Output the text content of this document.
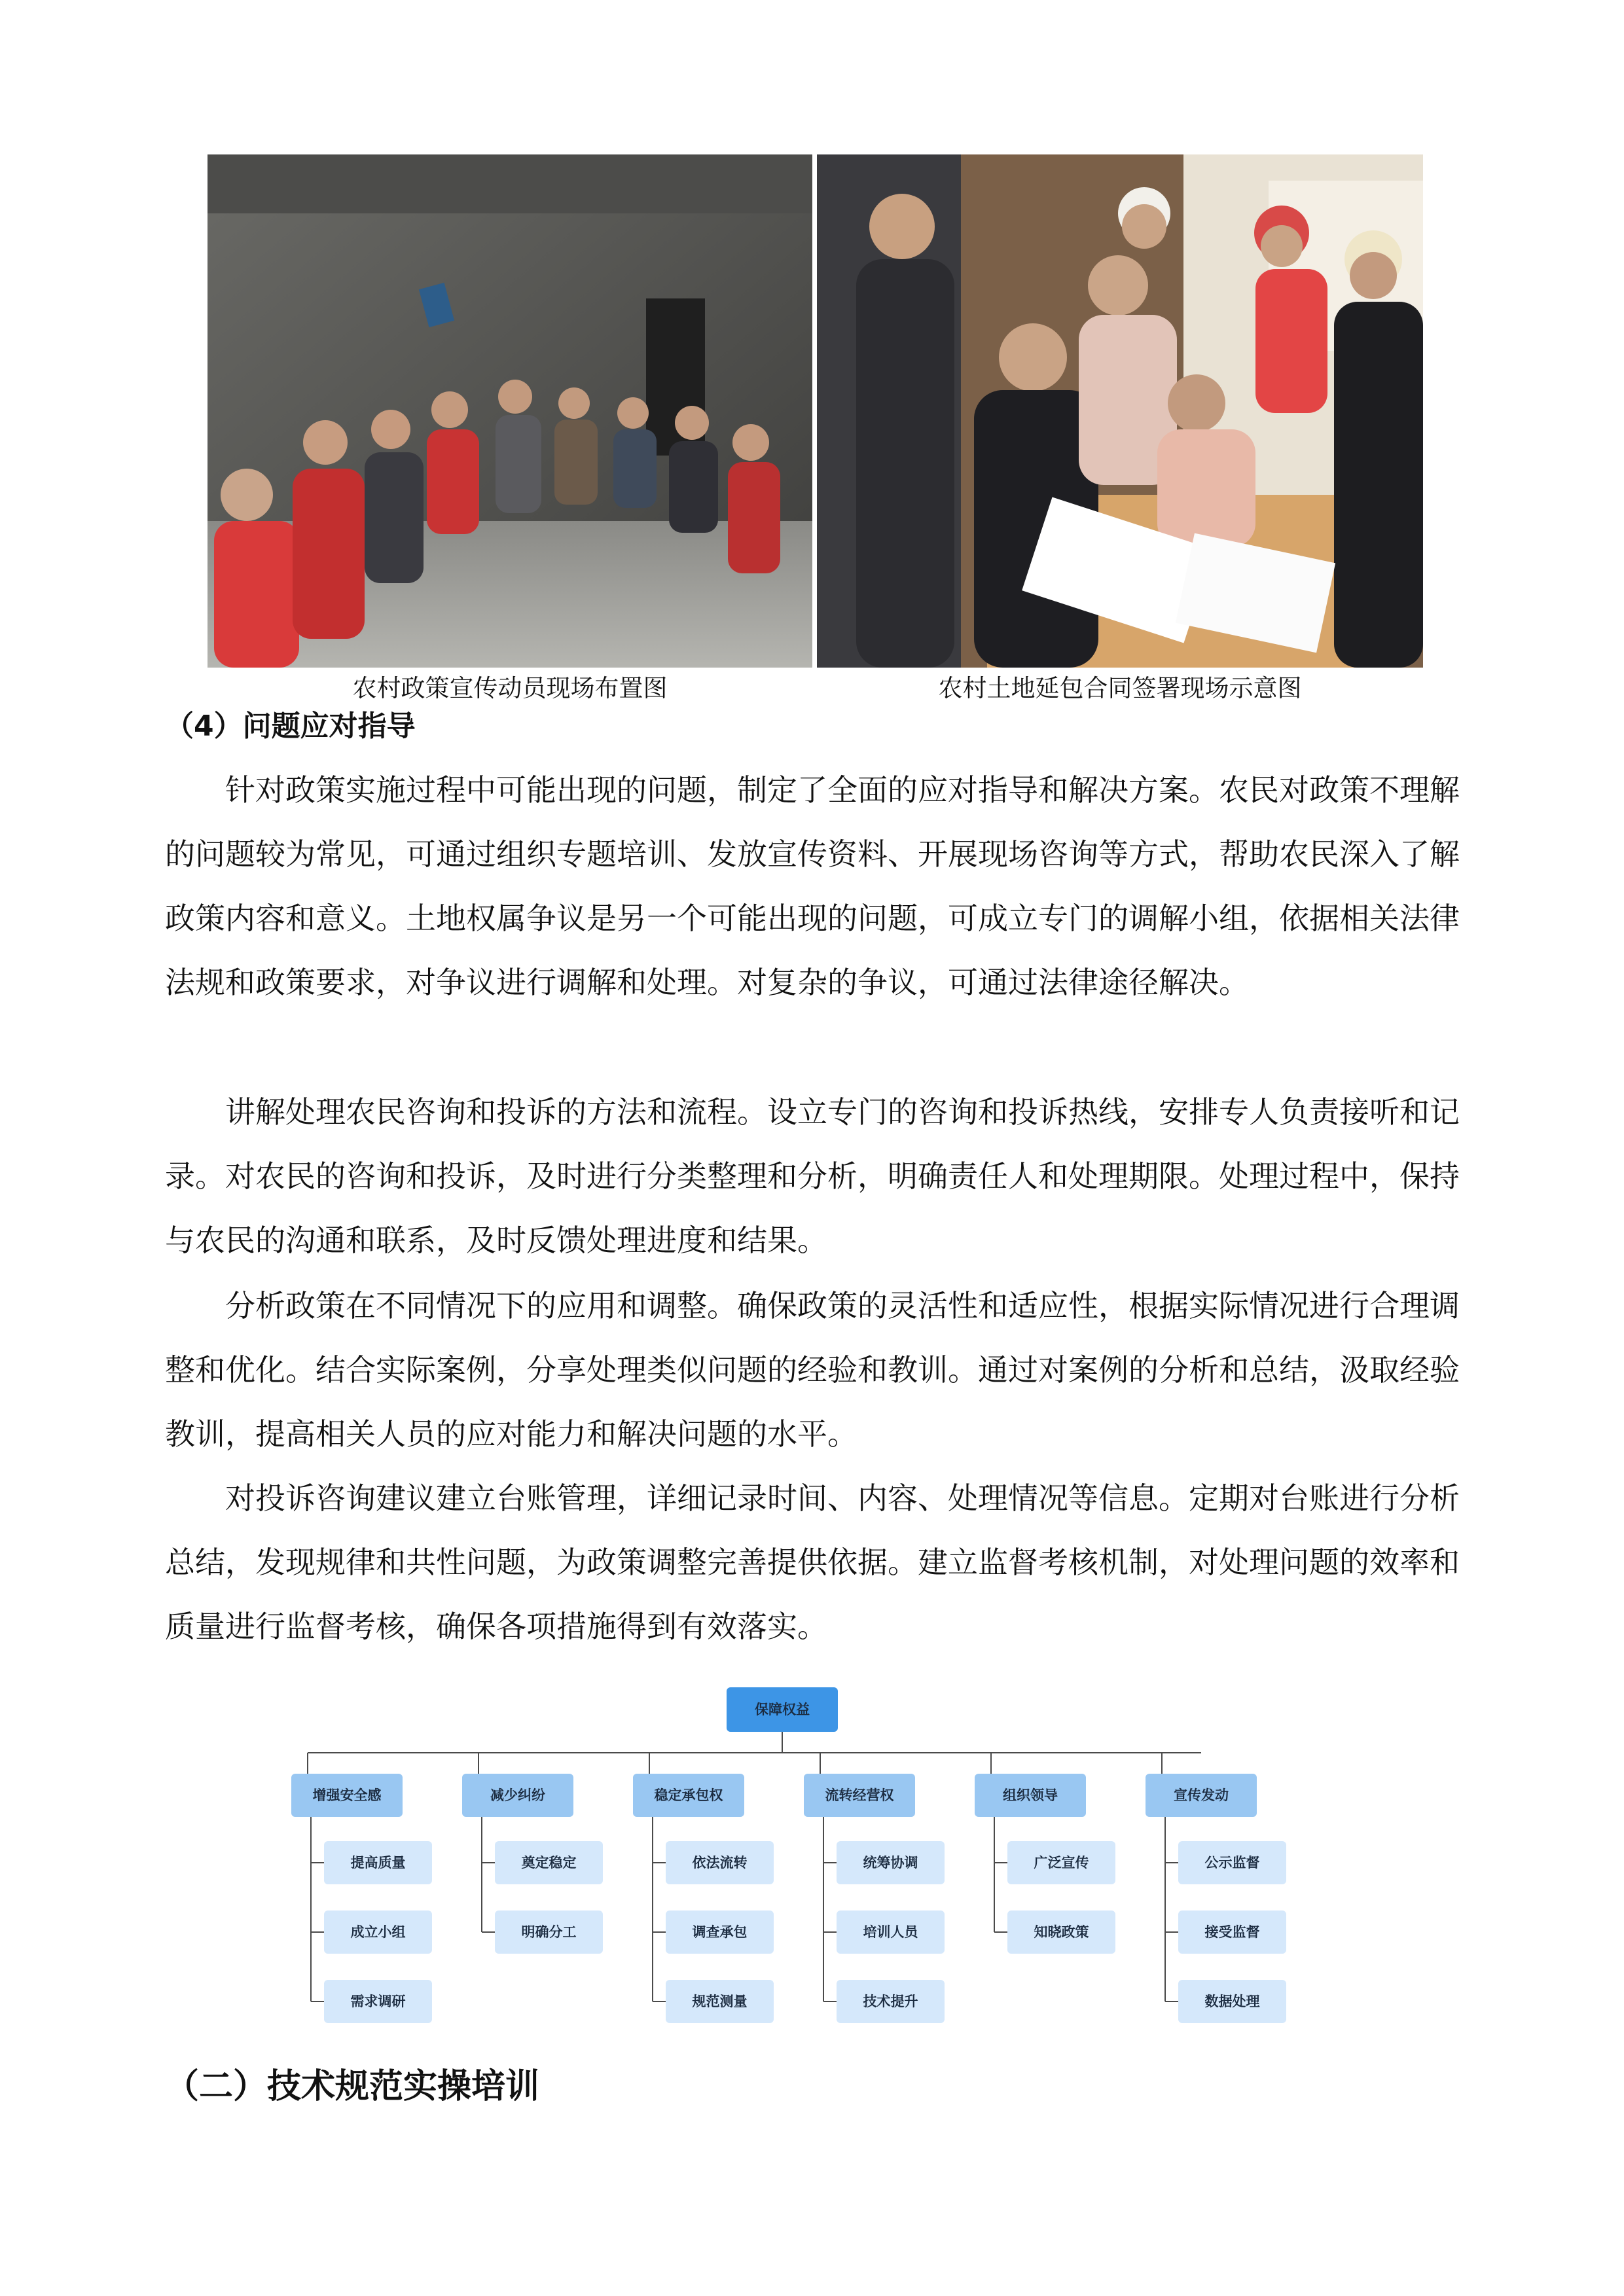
农村政策宣传动员现场布置图	农村土地延包合同签署现场示意图
（4）问题应对指导

针对政策实施过程中可能出现的问题，制定了全面的应对指导和解决方案。农民对政策不理解的问题较为常见，可通过组织专题培训、发放宣传资料、开展现场咨询等方式，帮助农民深入了解政策内容和意义。土地权属争议是另一个可能出现的问题，可成立专门的调解小组，依据相关法律法规和政策要求，对争议进行调解和处理。对复杂的争议，可通过法律途径解决。

讲解处理农民咨询和投诉的方法和流程。设立专门的咨询和投诉热线，安排专人负责接听和记录。对农民的咨询和投诉，及时进行分类整理和分析，明确责任人和处理期限。处理过程中，保持与农民的沟通和联系，及时反馈处理进度和结果。

分析政策在不同情况下的应用和调整。确保政策的灵活性和适应性，根据实际情况进行合理调整和优化。结合实际案例，分享处理类似问题的经验和教训。通过对案例的分析和总结，汲取经验教训，提高相关人员的应对能力和解决问题的水平。

对投诉咨询建议建立台账管理，详细记录时间、内容、处理情况等信息。定期对台账进行分析总结，发现规律和共性问题，为政策调整完善提供依据。建立监督考核机制，对处理问题的效率和质量进行监督考核，确保各项措施得到有效落实。

保障权益
增强安全感
提高质量
成立小组
需求调研
减少纠纷
奠定稳定
明确分工
稳定承包权
依法流转
调查承包
规范测量
流转经营权
统筹协调
培训人员
技术提升
组织领导
广泛宣传
知晓政策
宣传发动
公示监督
接受监督
数据处理
（二）技术规范实操培训
